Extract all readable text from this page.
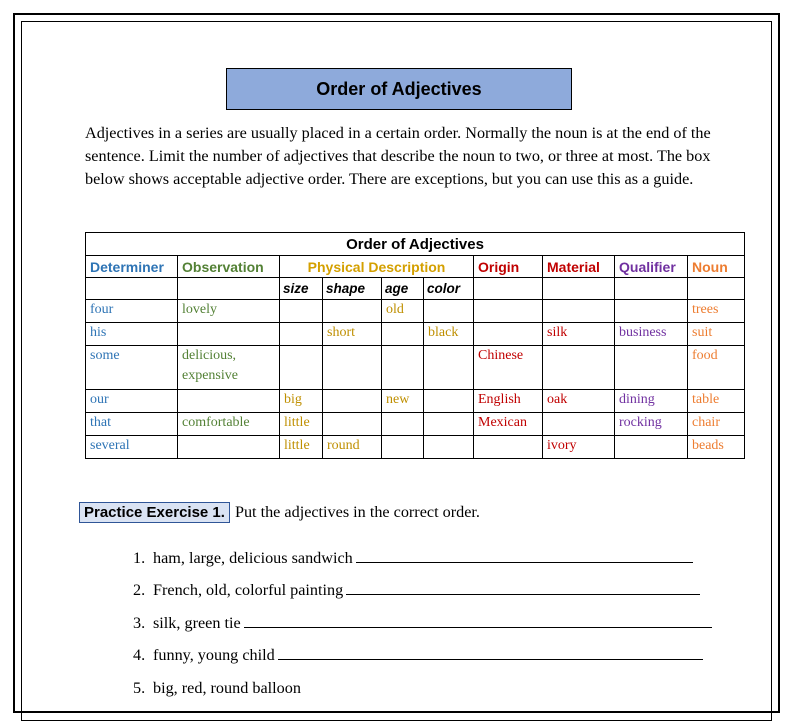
Order of Adjectives

Adjectives in a series are usually placed in a certain order. Normally the noun is at the end of the sentence. Limit the number of adjectives that describe the noun to two, or three at most. The box below shows acceptable adjective order. There are exceptions, but you can use this as a guide.

Order of Adjectives									
Determiner	Observation	Physical Description				Origin	Material	Qualifier	Noun
		size	shape	age	color				
four	lovely			old					trees
his			short		black		silk	business	suit
some	delicious, expensive					Chinese			food
our		big		new		English	oak	dining	table
that	comfortable	little				Mexican		rocking	chair
several		little	round				ivory		beads
Practice Exercise 1. Put the adjectives in the correct order.
1. ham, large, delicious sandwich
2. French, old, colorful painting
3. silk, green tie
4. funny, young child
5. big, red, round balloon
